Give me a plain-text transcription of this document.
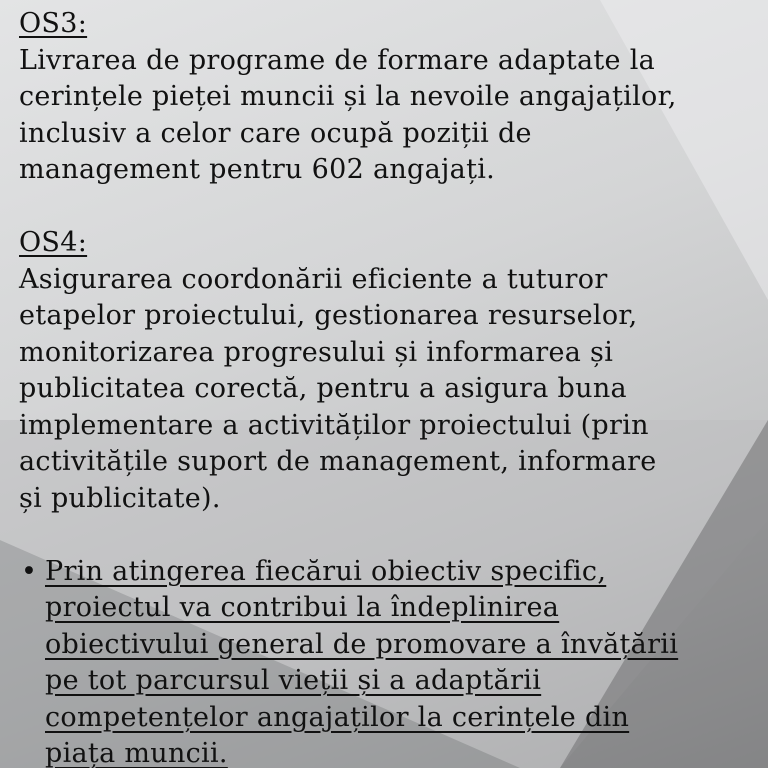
OS3:

Livrarea de programe de formare adaptate la
cerințele pieței muncii și la nevoile angajaților,
inclusiv a celor care ocupă poziții de
management pentru 602 angajați.

OS4:

Asigurarea coordonării eficiente a tuturor
etapelor proiectului, gestionarea resurselor,
monitorizarea progresului și informarea și
publicitatea corectă, pentru a asigura buna
implementare a activităților proiectului (prin
activitățile suport de management, informare
și publicitate).

• Prin atingerea fiecărui obiectiv specific,
proiectul va contribui la îndeplinirea
obiectivului general de promovare a învățării
pe tot parcursul vieții și a adaptării
competențelor angajaților la cerințele din
piața muncii.
